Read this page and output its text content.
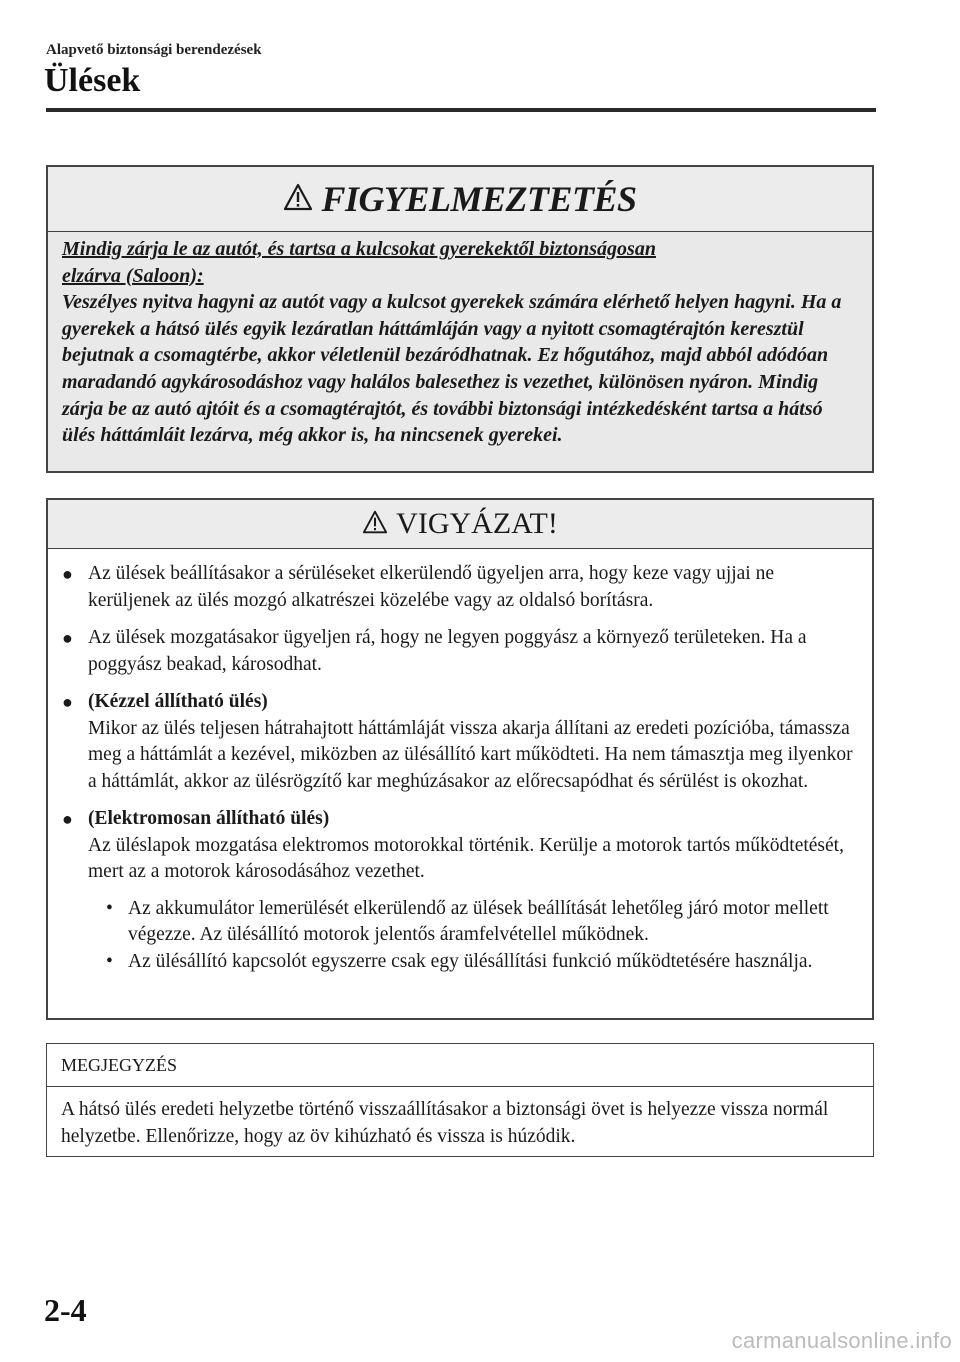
Alapvető biztonsági berendezések
Ülések
FIGYELMEZTETÉS
Mindig zárja le az autót, és tartsa a kulcsokat gyerekektől biztonságosan
elzárva (Saloon):
Veszélyes nyitva hagyni az autót vagy a kulcsot gyerekek számára elérhető helyen hagyni. Ha a gyerekek a hátsó ülés egyik lezáratlan háttámláján vagy a nyitott csomagtérajtón keresztül bejutnak a csomagtérbe, akkor véletlenül bezáródhatnak. Ez hőgutához, majd abból adódóan maradandó agykárosodáshoz vagy halálos balesethez is vezethet, különösen nyáron. Mindig zárja be az autó ajtóit és a csomagtérajtót, és további biztonsági intézkedésként tartsa a hátsó ülés háttámláit lezárva, még akkor is, ha nincsenek gyerekei.
VIGYÁZAT!
● Az ülések beállításakor a sérüléseket elkerülendő ügyeljen arra, hogy keze vagy ujjai ne kerüljenek az ülés mozgó alkatrészei közelébe vagy az oldalsó borításra.
● Az ülések mozgatásakor ügyeljen rá, hogy ne legyen poggyász a környező területeken. Ha a poggyász beakad, károsodhat.
● (Kézzel állítható ülés)
Mikor az ülés teljesen hátrahajtott háttámláját vissza akarja állítani az eredeti pozícióba, támassza meg a háttámlát a kezével, miközben az ülésállító kart működteti. Ha nem támasztja meg ilyenkor a háttámlát, akkor az ülésrögzítő kar meghúzásakor az előrecsapódhat és sérülést is okozhat.
● (Elektromosan állítható ülés)
Az üléslapok mozgatása elektromos motorokkal történik. Kerülje a motorok tartós működtetését, mert az a motorok károsodásához vezethet.
• Az akkumulátor lemerülését elkerülendő az ülések beállítását lehetőleg járó motor mellett végezze. Az ülésállító motorok jelentős áramfelvétellel működnek.
• Az ülésállító kapcsolót egyszerre csak egy ülésállítási funkció működtetésére használja.
MEGJEGYZÉS
A hátsó ülés eredeti helyzetbe történő visszaállításakor a biztonsági övet is helyezze vissza normál helyzetbe. Ellenőrizze, hogy az öv kihúzható és vissza is húzódik.
2-4
carmanualsonline.info
